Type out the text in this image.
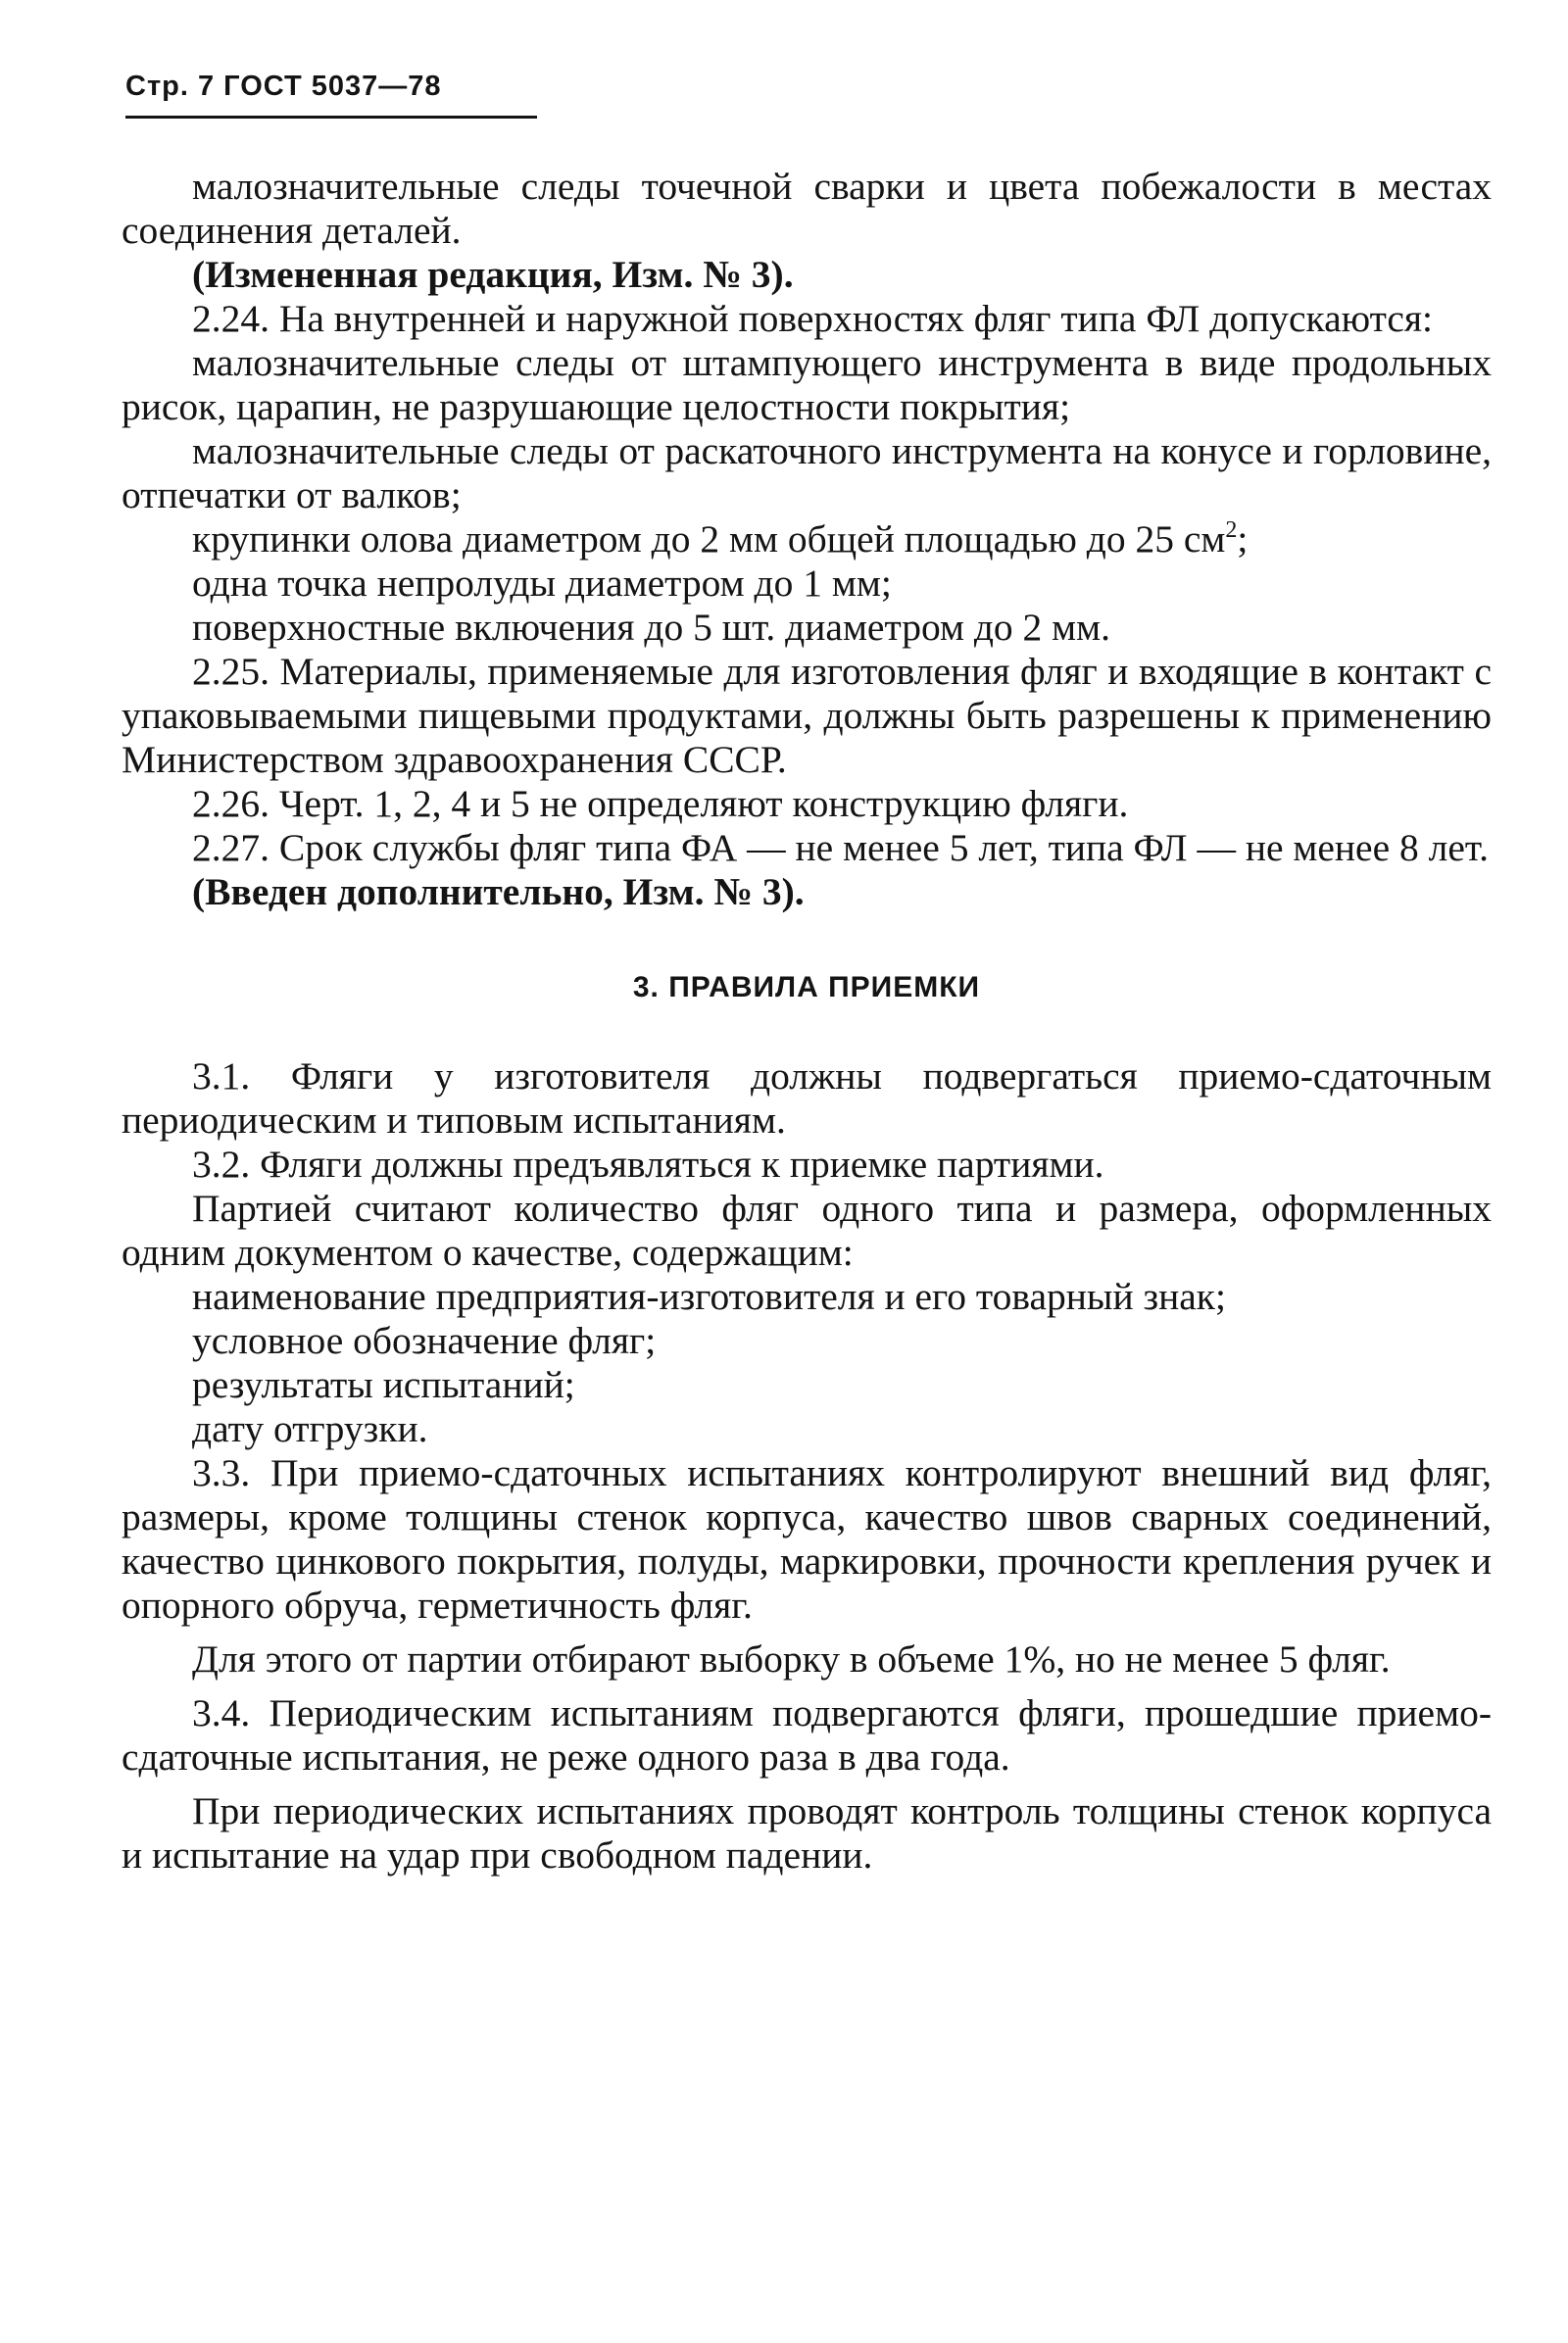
Стр. 7 ГОСТ 5037—78

малозначительные следы точечной сварки и цвета побежалости в местах соединения деталей.

(Измененная редакция, Изм. № 3).

2.24. На внутренней и наружной поверхностях фляг типа ФЛ допускаются:

малозначительные следы от штампующего инструмента в виде продольных рисок, царапин, не разрушающие целостности покрытия;

малозначительные следы от раскаточного инструмента на конусе и горловине, отпечатки от валков;

крупинки олова диаметром до 2 мм общей площадью до 25 $см^2$;

одна точка непролуды диаметром до 1 мм;

поверхностные включения до 5 шт. диаметром до 2 мм.

2.25. Материалы, применяемые для изготовления фляг и входящие в контакт с упаковываемыми пищевыми продуктами, должны быть разрешены к применению Министерством здравоохранения СССР.

2.26. Черт. 1, 2, 4 и 5 не определяют конструкцию фляги.

2.27. Срок службы фляг типа ФА — не менее 5 лет, типа ФЛ — не менее 8 лет.

(Введен дополнительно, Изм. № 3).

3. ПРАВИЛА ПРИЕМКИ

3.1. Фляги у изготовителя должны подвергаться приемо-сдаточным периодическим и типовым испытаниям.

3.2. Фляги должны предъявляться к приемке партиями.

Партией считают количество фляг одного типа и размера, оформленных одним документом о качестве, содержащим:

наименование предприятия-изготовителя и его товарный знак;

условное обозначение фляг;

результаты испытаний;

дату отгрузки.

3.3. При приемо-сдаточных испытаниях контролируют внешний вид фляг, размеры, кроме толщины стенок корпуса, качество швов сварных соединений, качество цинкового покрытия, полуды, маркировки, прочности крепления ручек и опорного обруча, герметичность фляг.

Для этого от партии отбирают выборку в объеме 1%, но не менее 5 фляг.

3.4. Периодическим испытаниям подвергаются фляги, прошедшие приемо-сдаточные испытания, не реже одного раза в два года.

При периодических испытаниях проводят контроль толщины стенок корпуса и испытание на удар при свободном падении.
